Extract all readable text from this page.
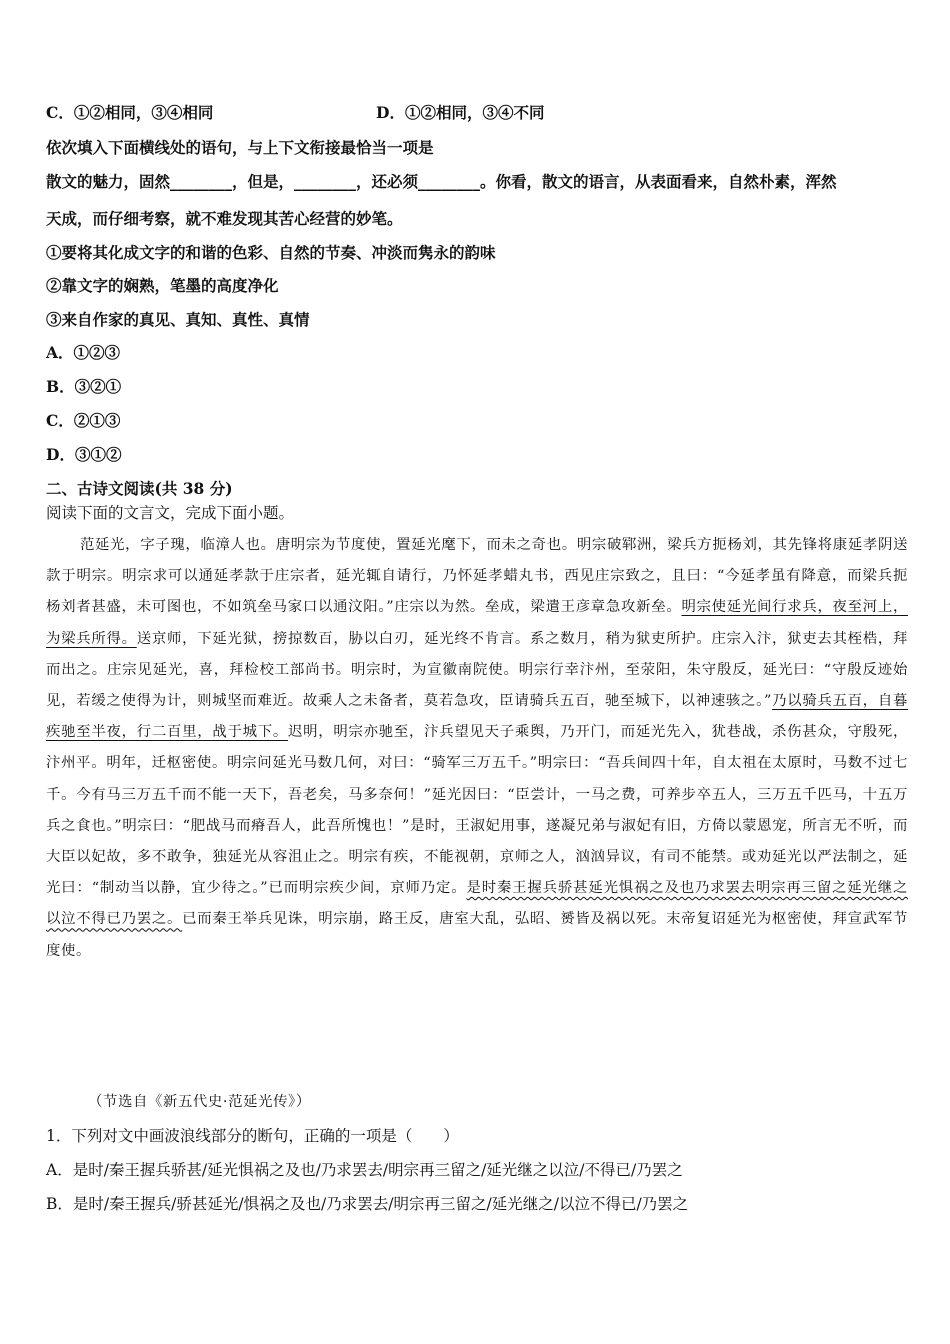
C．①②相同，③④相同	D．①②相同，③④不同
依次填入下面横线处的语句，与上下文衔接最恰当一项是
散文的魅力，固然________，但是，________，还必须________。你看，散文的语言，从表面看来，自然朴素，浑然
天成，而仔细考察，就不难发现其苦心经营的妙笔。
①要将其化成文字的和谐的色彩、自然的节奏、冲淡而隽永的韵味
②靠文字的娴熟，笔墨的高度净化
③来自作家的真见、真知、真性、真情
A．①②③
B．③②①
C．②①③
D．③①②
二、古诗文阅读(共 38 分)
阅读下面的文言文，完成下面小题。
范延光，字子瑰，临漳人也。唐明宗为节度使，置延光麾下，而未之奇也。明宗破郓洲，梁兵方扼杨刘，其先锋将康延孝阴送款于明宗。明宗求可以通延孝款于庄宗者，延光辄自请行，乃怀延孝蜡丸书，西见庄宗致之，且曰：“今延孝虽有降意，而梁兵扼杨刘者甚盛，未可图也，不如筑垒马家口以通汶阳。”庄宗以为然。垒成，梁遣王彦章急攻新垒。明宗使延光间行求兵，夜至河上，为梁兵所得。送京师，下延光狱，搒掠数百，胁以白刃，延光终不肯言。系之数月，稍为狱吏所护。庄宗入汴，狱吏去其桎梏，拜而出之。庄宗见延光，喜，拜检校工部尚书。明宗时，为宣徽南院使。明宗行幸汴州，至荥阳，朱守殷反，延光曰：“守殷反迹始见，若缓之使得为计，则城坚而难近。故乘人之未备者，莫若急攻，臣请骑兵五百，驰至城下，以神速骇之。”乃以骑兵五百，自暮疾驰至半夜，行二百里，战于城下。迟明，明宗亦驰至，汴兵望见天子乘舆，乃开门，而延光先入，犹巷战，杀伤甚众，守殷死，汴州平。明年，迁枢密使。明宗问延光马数几何，对曰：“骑军三万五千。”明宗曰：“吾兵间四十年，自太祖在太原时，马数不过七千。今有马三万五千而不能一天下，吾老矣，马多奈何！”延光因曰：“臣尝计，一马之费，可养步卒五人，三万五千匹马，十五万兵之食也。”明宗曰：“肥战马而瘠吾人，此吾所愧也！”是时，王淑妃用事，遂凝兄弟与淑妃有旧，方倚以蒙恩宠，所言无不听，而大臣以妃故，多不敢争，独延光从容沮止之。明宗有疾，不能视朝，京师之人，汹汹异议，有司不能禁。或劝延光以严法制之，延光曰：“制动当以静，宜少待之。”已而明宗疾少间，京师乃定。是时秦王握兵骄甚延光惧祸之及也乃求罢去明宗再三留之延光继之以泣不得已乃罢之。已而秦王举兵见诛，明宗崩，路王反，唐室大乱，弘昭、赟皆及祸以死。末帝复诏延光为枢密使，拜宣武军节度使。
（节选自《新五代史·范延光传》）
1．下列对文中画波浪线部分的断句，正确的一项是（　　）
A．是时/秦王握兵骄甚/延光惧祸之及也/乃求罢去/明宗再三留之/延光继之以泣/不得已/乃罢之
B．是时/秦王握兵/骄甚延光/惧祸之及也/乃求罢去/明宗再三留之/延光继之/以泣不得已/乃罢之
